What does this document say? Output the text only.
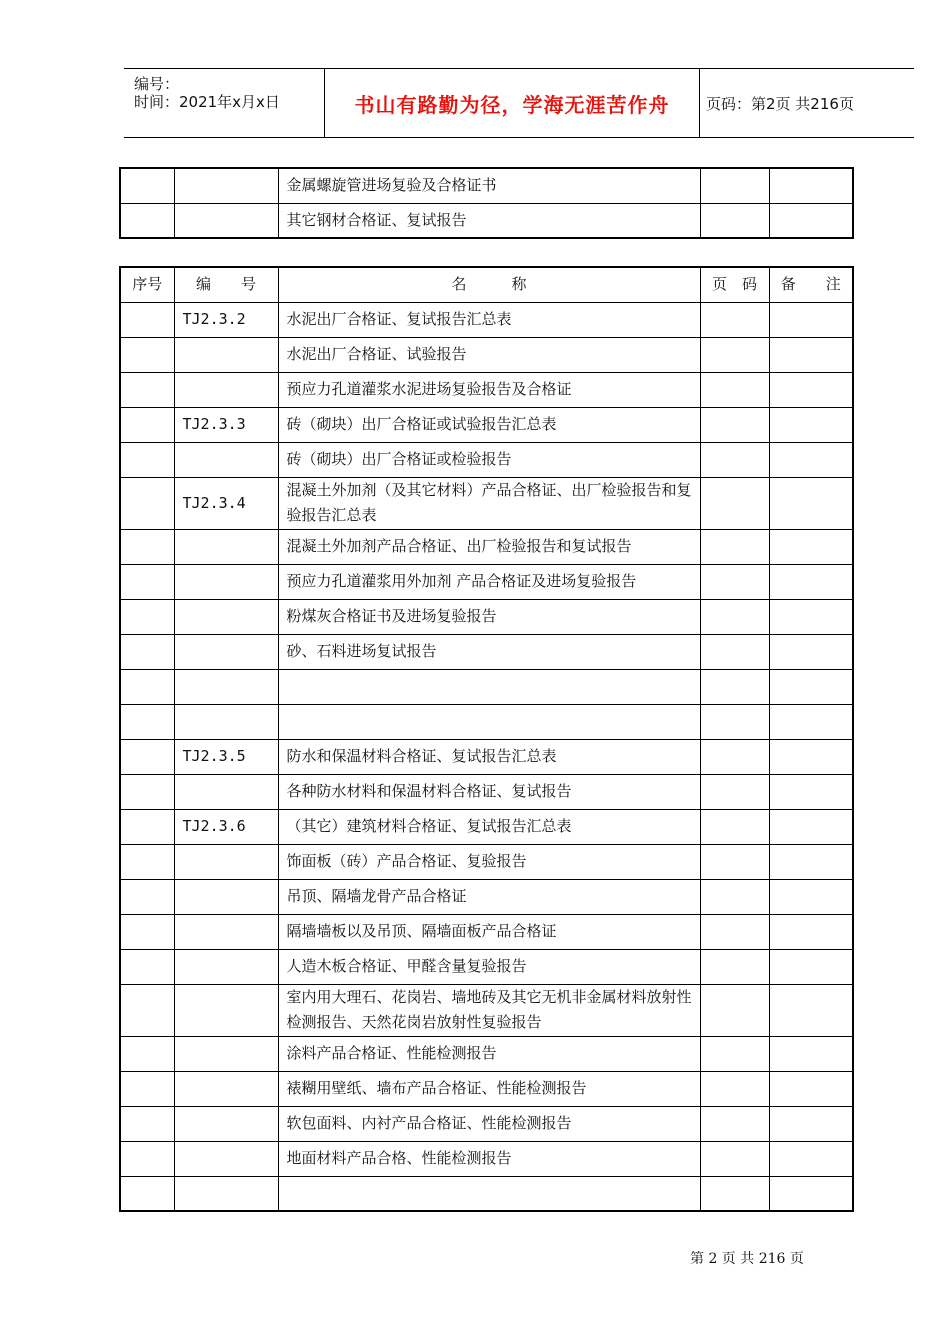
编号：
时间：2021年x月x日	书山有路勤为径，学海无涯苦作舟 页码：第2页 共216页
		金属螺旋管进场复验及合格证书		
		其它钢材合格证、复试报告		
序号	编　　号	名　　　称	页　码	备　　注
	TJ2.3.2	水泥出厂合格证、复试报告汇总表		
		水泥出厂合格证、试验报告		
		预应力孔道灌浆水泥进场复验报告及合格证		
	TJ2.3.3	砖（砌块）出厂合格证或试验报告汇总表		
		砖（砌块）出厂合格证或检验报告		
	TJ2.3.4	混凝土外加剂（及其它材料）产品合格证、出厂检验报告和复验报告汇总表		
		混凝土外加剂产品合格证、出厂检验报告和复试报告		
		预应力孔道灌浆用外加剂 产品合格证及进场复验报告		
		粉煤灰合格证书及进场复验报告		
		砂、石料进场复试报告		

	TJ2.3.5	防水和保温材料合格证、复试报告汇总表		
		各种防水材料和保温材料合格证、复试报告		
	TJ2.3.6	（其它）建筑材料合格证、复试报告汇总表		
		饰面板（砖）产品合格证、复验报告		
		吊顶、隔墙龙骨产品合格证		
		隔墙墙板以及吊顶、隔墙面板产品合格证		
		人造木板合格证、甲醛含量复验报告		
		室内用大理石、花岗岩、墙地砖及其它无机非金属材料放射性检测报告、天然花岗岩放射性复验报告		
		涂料产品合格证、性能检测报告		
		裱糊用壁纸、墙布产品合格证、性能检测报告		
		软包面料、内衬产品合格证、性能检测报告		
		地面材料产品合格、性能检测报告		

第 2 页 共 216 页
